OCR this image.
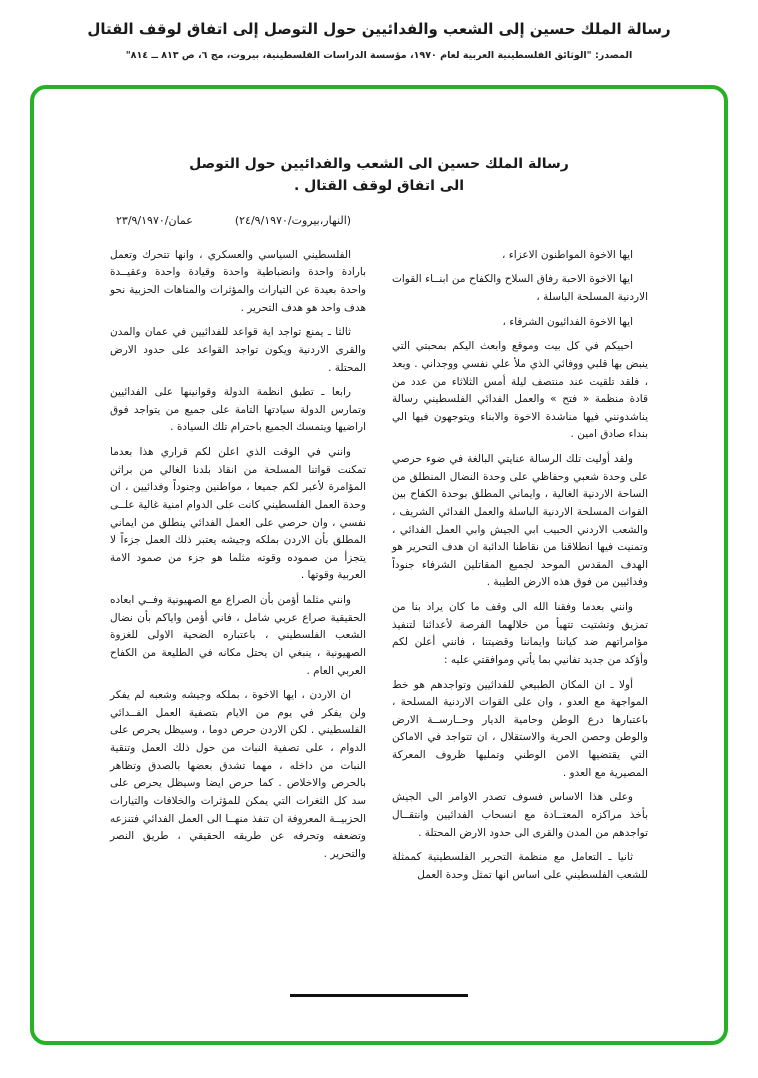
رسالة الملك حسين إلى الشعب والفدائيين حول التوصل إلى اتفاق لوقف القتال
المصدر: "الوثائق الفلسطينية العربية لعام ١٩٧٠، مؤسسة الدراسات الفلسطينية، بيروت، مج ٦، ص ٨١٣ ــ ٨١٤"
رسالة الملك حسين الى الشعب والفدائيين حول التوصل
الى اتفاق لوقف القتال .
عمان/٢٣/٩/١٩٧٠	(النهار،بيروت/٢٤/٩/١٩٧٠)

ايها الاخوة المواطنون الاعزاء ،

ايها الاخوة الاحبة رفاق السلاح والكفاح من ابنــاء القوات الاردنية المسلحة الباسلة ،

ايها الاخوة الفدائيون الشرفاء ،

احييكم في كل بيت وموقع وابعث اليكم بمحبتي التي ينبض بها قلبي ووفائي الذي ملأ علي نفسي ووجداني . وبعد ، فلقد تلقيت عند منتصف ليلة أمس الثلاثاء من عدد من قادة منظمة « فتح » والعمل الفدائي الفلسطيني رسالة يناشدونني فيها مناشدة الاخوة والابناء ويتوجهون فيها الي بنداء صادق امين .

ولقد أوليت تلك الرسالة عنايتي البالغة في ضوء حرصي على وحدة شعبي وحفاظي على وحدة النضال المنطلق من الساحة الاردنية الغالية ، وايماني المطلق بوحدة الكفاح بين القوات المسلحة الاردنية الباسلة والعمل الفدائي الشريف ، والشعب الاردني الحبيب ابي الجيش وابي العمل الفدائي ، وتمنيت فيها انطلاقنا من نقاطنا الدائبة ان هدف التحرير هو الهدف المقدس الموحد لجميع المقاتلين الشرفاء جنوداً وفدائيين من فوق هذه الارض الطيبة .

وانني بعدما وفقنا الله الى وقف ما كان يراد بنا من تمزيق وتشتيت تتهيأ من خلالهما الفرصة لأعدائنا لتنفيذ مؤامراتهم ضد كياننا وايماننا وقضيتنا ، فانني أعلن لكم وأؤكد من جديد تفانيي بما يأتي وموافقتي عليه :

أولا ـ ان المكان الطبيعي للفدائيين وتواجدهم هو خط المواجهة مع العدو ، وان على القوات الاردنية المسلحة ، باعتبارها درع الوطن وحامية الديار وحــارســة الارض والوطن وحصن الحرية والاستقلال ، ان تتواجد في الاماكن التي يقتضيها الامن الوطني وتمليها ظروف المعركة المصيرية مع العدو .

وعلى هذا الاساس فسوف تصدر الاوامر الى الجيش بأخذ مراكزه المعتــادة مع انسحاب الفدائيين وانتقــال تواجدهم من المدن والقرى الى حدود الارض المحتلة .

ثانيا ـ التعامل مع منظمة التحرير الفلسطينية كممثلة للشعب الفلسطيني على اساس انها تمثل وحدة العمل

الفلسطيني السياسي والعسكري ، وانها تتحرك وتعمل بارادة واحدة وانضباطية واحدة وقيادة واحدة وعقيــدة واحدة بعيدة عن التيارات والمؤثرات والمناهات الحزبية نحو هدف واحد هو هدف التحرير .

ثالثا ـ يمنع تواجد اية قواعد للفدائيين في عمان والمدن والقرى الاردنية ويكون تواجد القواعد على حدود الارض المحتلة .

رابعا ـ تطبق انظمة الدولة وقوانينها على الفدائيين وتمارس الدولة سيادتها التامة على جميع من يتواجد فوق اراضيها ويتمسك الجميع باحترام تلك السيادة .

وانني في الوقت الذي اعلن لكم قراري هذا بعدما تمكنت قواتنا المسلحة من انقاذ بلدنا الغالي من براثن المؤامرة لأعبر لكم جميعا ، مواطنين وجنوداً وفدائيين ، ان وحدة العمل الفلسطيني كانت على الدوام امنية غالية علــى نفسي ، وان حرصي على العمل الفدائي ينطلق من ايماني المطلق بأن الاردن بملكه وجيشه يعتبر ذلك العمل جزءاً لا يتجزأ من صموده وقوته مثلما هو جزء من صمود الامة العربية وقوتها .

وانني مثلما أؤمن بأن الصراع مع الصهيونية وفــي ابعاده الحقيقية صراع عربي شامل ، فاني أؤمن واياكم بأن نضال الشعب الفلسطيني ، باعتباره الضحية الاولى للغزوة الصهيونية ، ينبغي ان يحتل مكانه في الطليعة من الكفاح العربي العام .

ان الاردن ، ايها الاخوة ، بملكه وجيشه وشعبه لم يفكر ولن يفكر في يوم من الايام بتصفية العمل الفــدائي الفلسطيني . لكن الاردن حرص دوما ، وسيظل يحرص على الدوام ، على تصفية النبات من حول ذلك العمل وتنقية النبات من داخله ، مهما تشدق بعضها بالصدق وتظاهر بالحرص والاخلاص . كما حرص ايضا وسيظل يحرص على سد كل الثغرات التي يمكن للمؤثرات والخلافات والتيارات الحزبيــة المعروفة ان تنفذ منهــا الى العمل الفدائي فتنزعه وتضعفه وتحرفه عن طريقه الحقيقي ، طريق النصر والتحرير .
